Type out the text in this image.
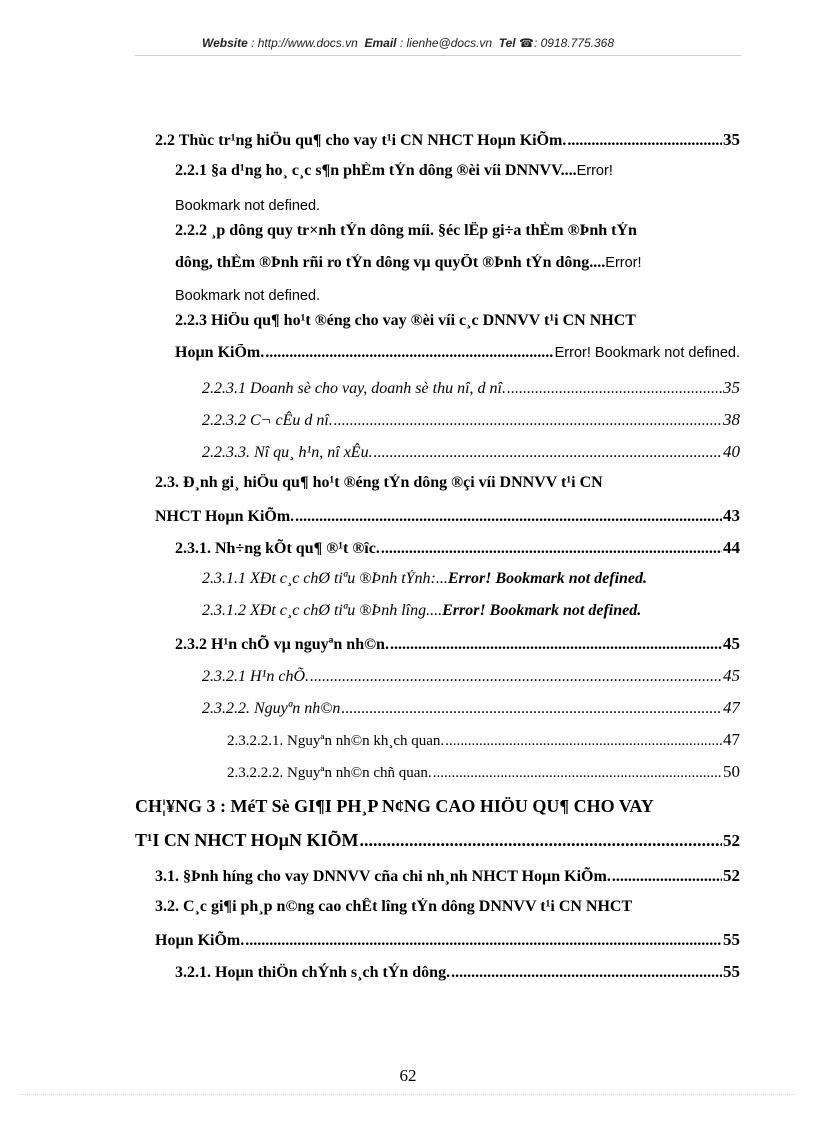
Website : http://www.docs.vn Email : lienhe@docs.vn Tel ☎: 0918.775.368
2.2 Thùc tr¹ng hiÖu qu¶ cho vay t¹i CN NHCT Hoµn KiÕm. .....	35
2.2.1 §a d¹ng ho¸ c¸c s¶n phÈm tÝn dông ®èi víi DNNVV. ... Error!
Bookmark not defined.
2.2.2 ¸p dông quy tr×nh tÝn dông míi. §éc lËp gi÷a thÈm ®Þnh tÝn
dông, thÈm ®Þnh rñi ro tÝn dông vµ quyÕt ®Þnh tÝn dông. ... Error!
Bookmark not defined.
2.2.3 HiÖu qu¶ ho¹t ®éng cho vay ®èi víi c¸c DNNVV t¹i CN NHCT
Hoµn KiÕm. .....	Error! Bookmark not defined.
2.2.3.1 Doanh sè cho vay, doanh sè thu nî, d nî. .....	35
2.2.3.2 C¬ cÊu d nî. .....	38
2.2.3.3. Nî qu¸ h¹n, nî xÊu. .....	40
2.3. Đ¸nh gi¸ hiÖu qu¶ ho¹t ®éng tÝn dông ®çi víi DNNVV t¹i CN
NHCT Hoµn KiÕm. .....	43
2.3.1. Nh÷ng kÕt qu¶ ®¹t ®îc. .....	44
2.3.1.1 XÐt c¸c chØ tiªu ®Þnh tÝnh: ... Error! Bookmark not defined.
2.3.1.2 XÐt c¸c chØ tiªu ®Þnh lîng. ... Error! Bookmark not defined.
2.3.2 H¹n chÕ vµ nguyªn nh©n. .....	45
2.3.2.1 H¹n chÕ. .....	45
2.3.2.2. Nguyªn nh©n .....	47
2.3.2.2.1. Nguyªn nh©n kh¸ch quan. .....	47
2.3.2.2.2. Nguyªn nh©n chñ quan. .....	50
CH¦¥NG 3 : MéT Sè GI¶I PH¸P N¢NG CAO HIÖU QU¶ CHO VAY
T¹I CN NHCT HOµN KIÕM .....	52
3.1. §Þnh híng cho vay DNNVV cña chi nh¸nh NHCT Hoµn KiÕm. .....	52
3.2. C¸c gi¶i ph¸p n©ng cao chÊt lîng tÝn dông DNNVV t¹i CN NHCT
Hoµn KiÕm. .....	55
3.2.1. Hoµn thiÖn chÝnh s¸ch tÝn dông. .....	55
62
